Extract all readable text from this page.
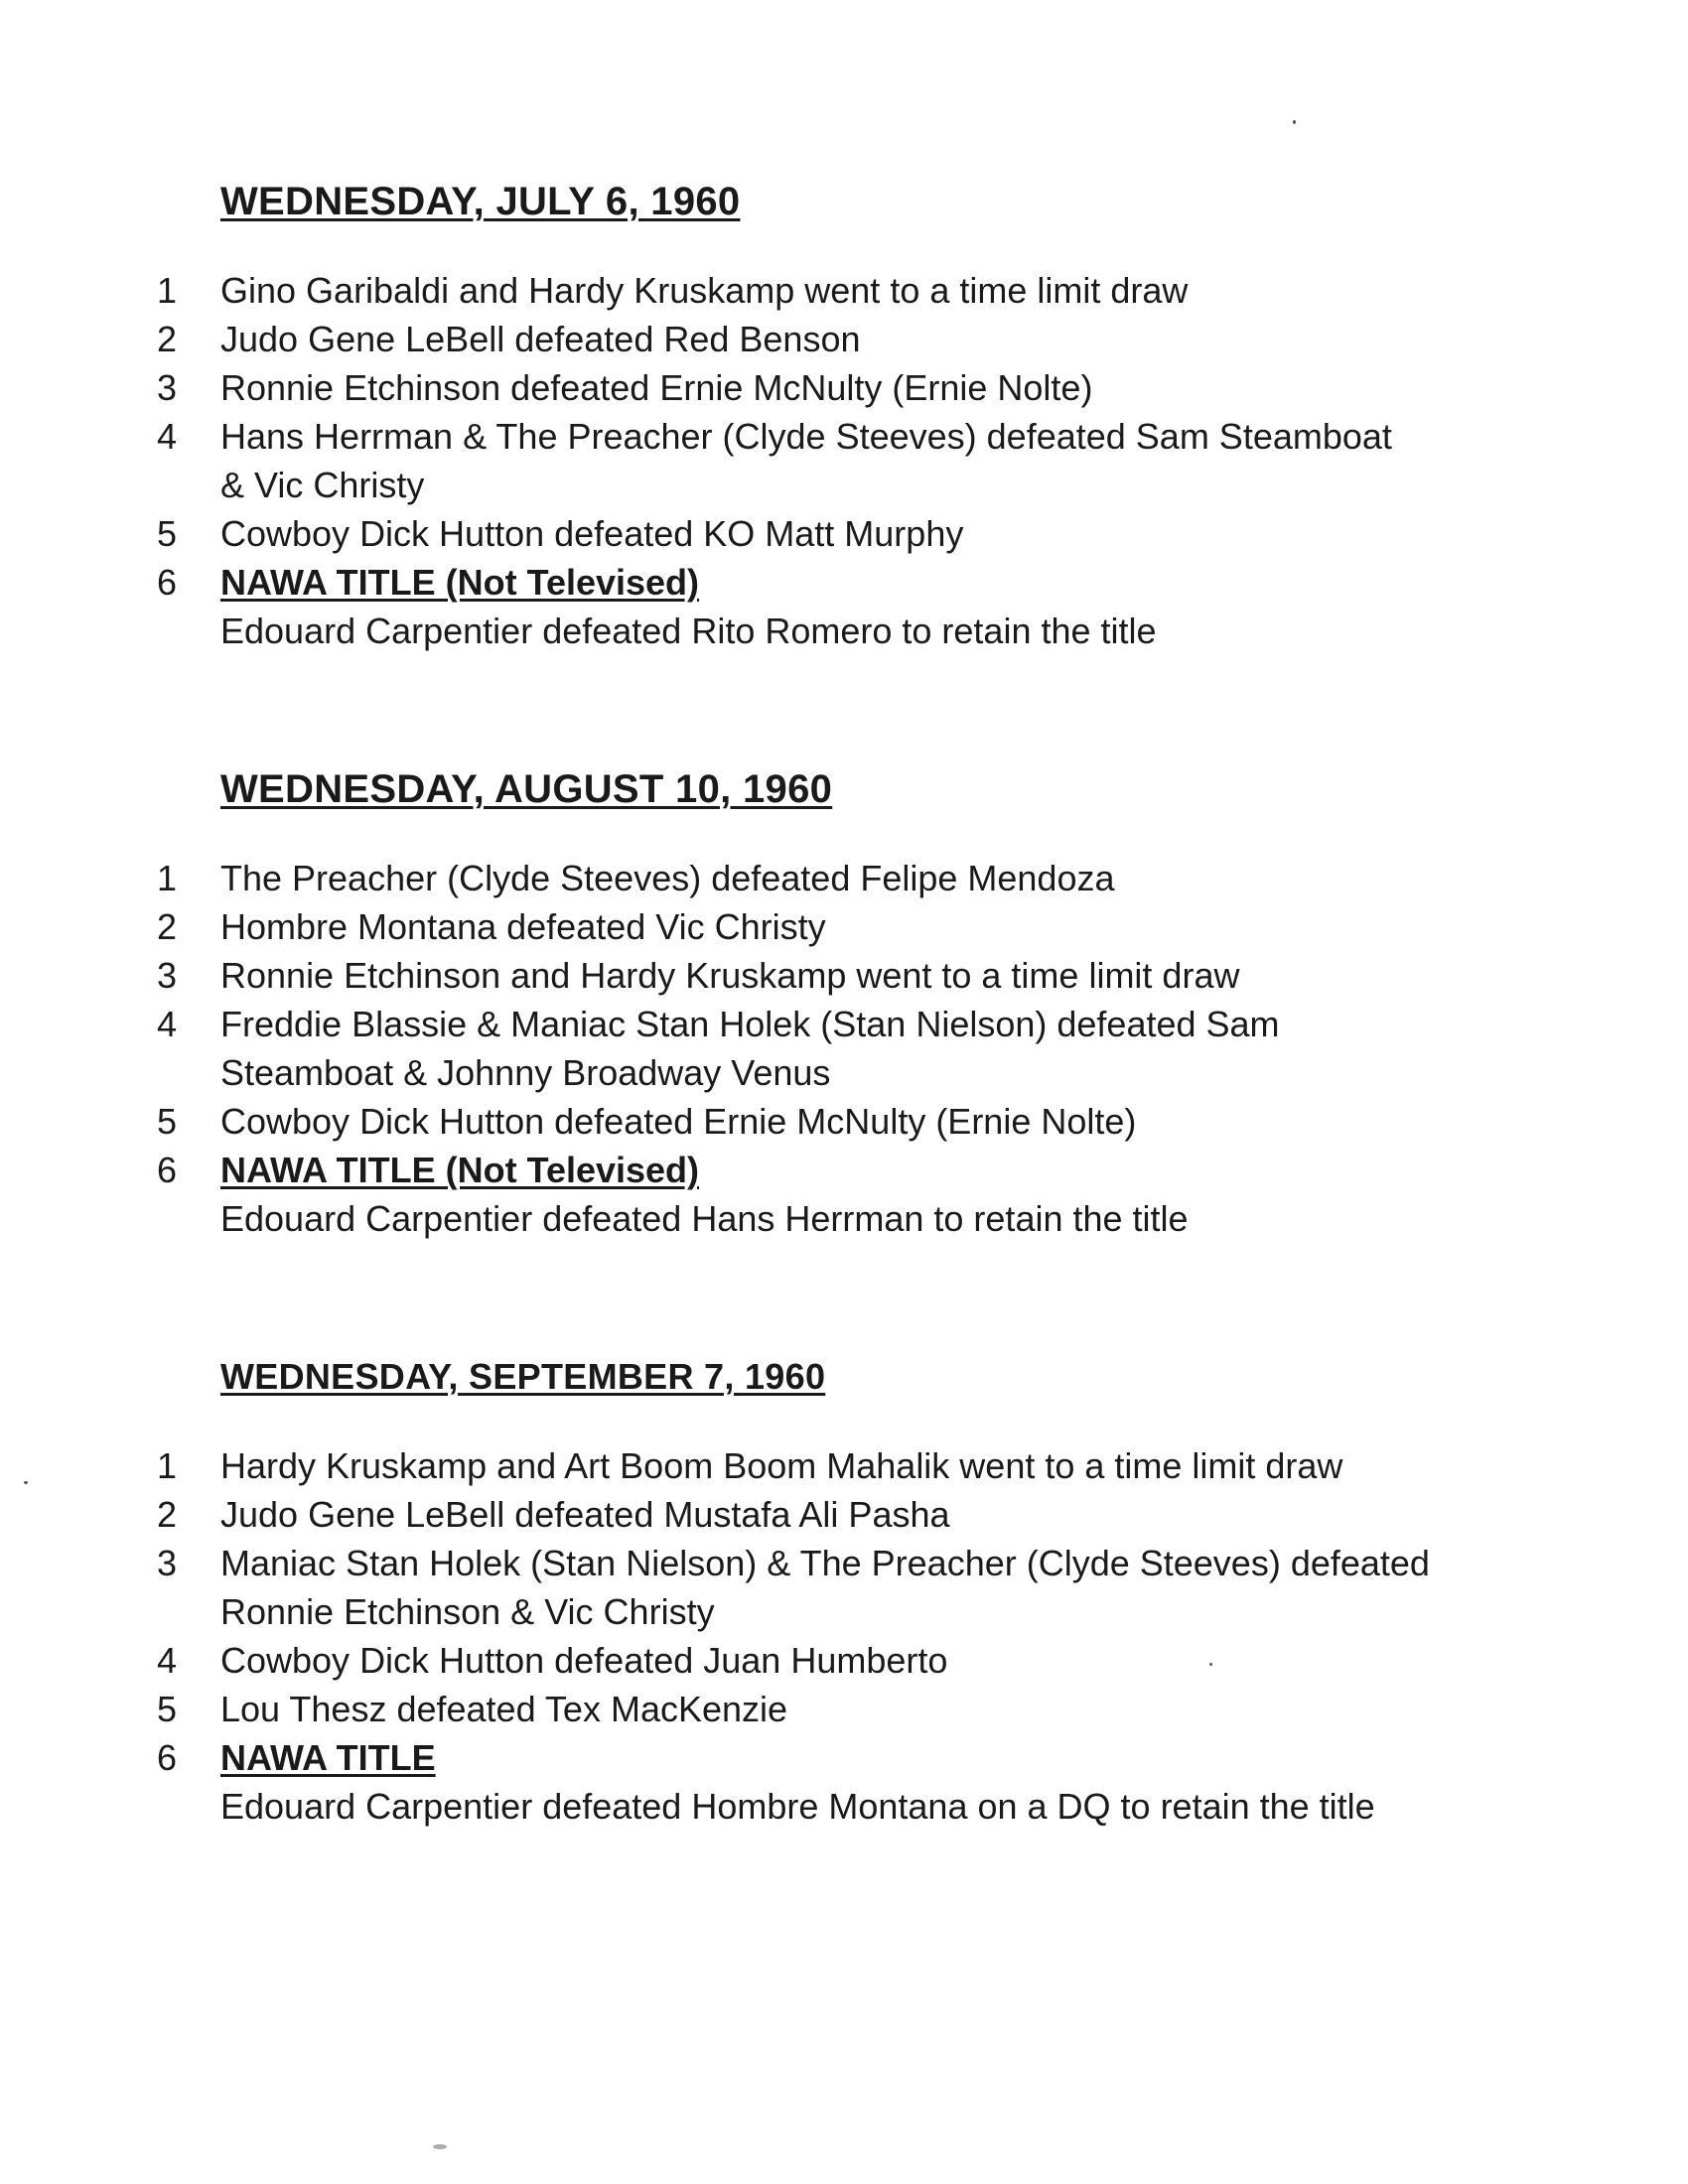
WEDNESDAY, JULY 6, 1960
1	Gino Garibaldi and Hardy Kruskamp went to a time limit draw
2	Judo Gene LeBell defeated Red Benson
3	Ronnie Etchinson defeated Ernie McNulty (Ernie Nolte)
4	Hans Herrman & The Preacher (Clyde Steeves) defeated Sam Steamboat & Vic Christy
5	Cowboy Dick Hutton defeated KO Matt Murphy
6	NAWA TITLE (Not Televised)
Edouard Carpentier defeated Rito Romero to retain the title
WEDNESDAY, AUGUST 10, 1960
1	The Preacher (Clyde Steeves) defeated Felipe Mendoza
2	Hombre Montana defeated Vic Christy
3	Ronnie Etchinson and Hardy Kruskamp went to a time limit draw
4	Freddie Blassie & Maniac Stan Holek (Stan Nielson) defeated Sam Steamboat & Johnny Broadway Venus
5	Cowboy Dick Hutton defeated Ernie McNulty (Ernie Nolte)
6	NAWA TITLE (Not Televised)
Edouard Carpentier defeated Hans Herrman to retain the title
WEDNESDAY, SEPTEMBER 7, 1960
1	Hardy Kruskamp and Art Boom Boom Mahalik went to a time limit draw
2	Judo Gene LeBell defeated Mustafa Ali Pasha
3	Maniac Stan Holek (Stan Nielson) & The Preacher (Clyde Steeves) defeated Ronnie Etchinson & Vic Christy
4	Cowboy Dick Hutton defeated Juan Humberto
5	Lou Thesz defeated Tex MacKenzie
6	NAWA TITLE
Edouard Carpentier defeated Hombre Montana on a DQ to retain the title
